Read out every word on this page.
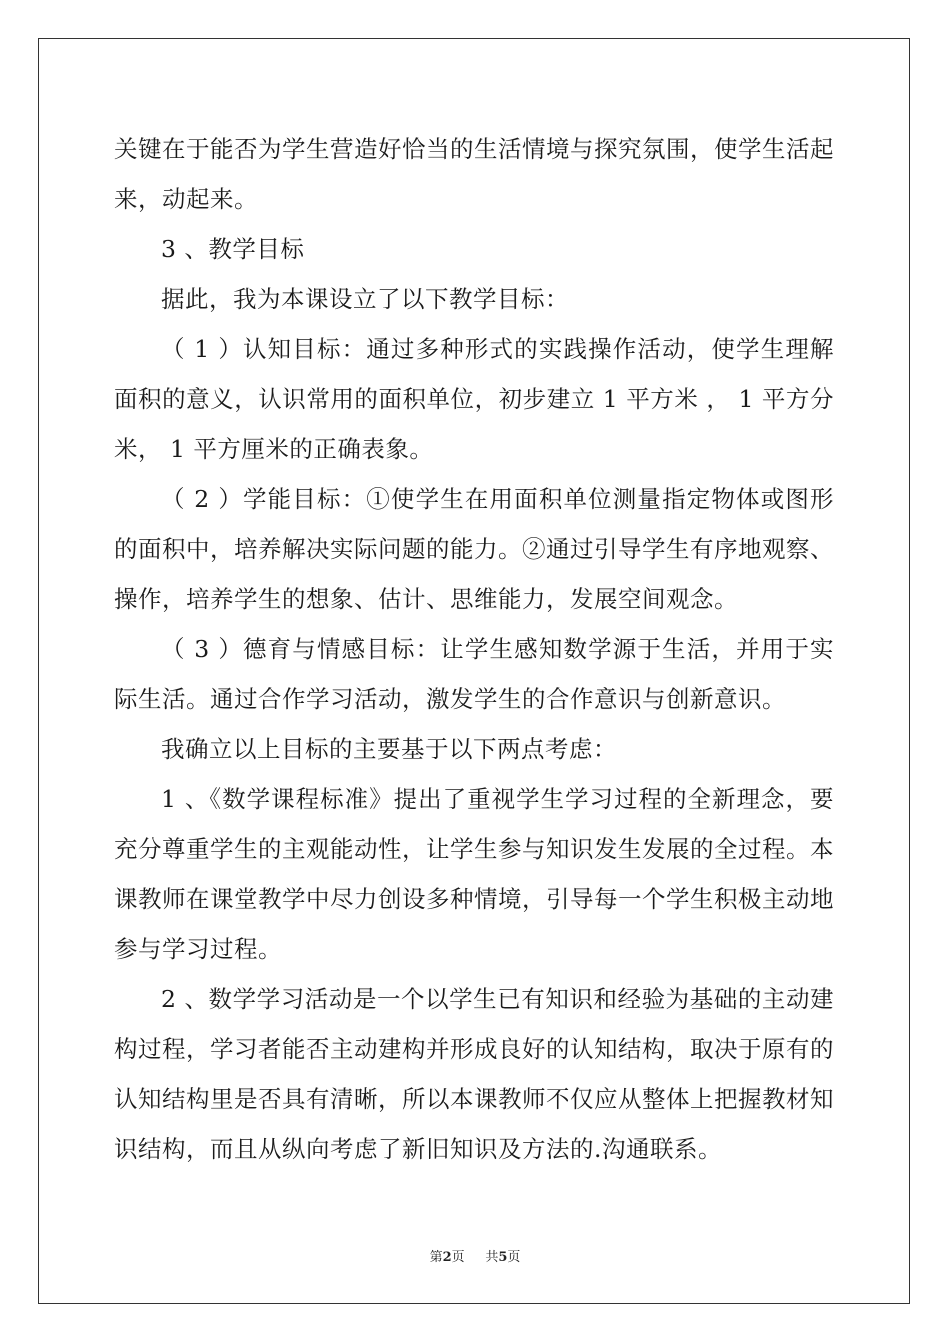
关键在于能否为学生营造好恰当的生活情境与探究氛围，使学生活起来，动起来。

3 、教学目标

据此，我为本课设立了以下教学目标：

（ 1 ）认知目标：通过多种形式的实践操作活动，使学生理解面积的意义，认识常用的面积单位，初步建立 1 平方米 ， 1 平方分米， 1 平方厘米的正确表象。

（ 2 ）学能目标：①使学生在用面积单位测量指定物体或图形的面积中，培养解决实际问题的能力。②通过引导学生有序地观察、操作，培养学生的想象、估计、思维能力，发展空间观念。

（ 3 ）德育与情感目标：让学生感知数学源于生活，并用于实际生活。通过合作学习活动，激发学生的合作意识与创新意识。

我确立以上目标的主要基于以下两点考虑：

1 、《数学课程标准》提出了重视学生学习过程的全新理念，要充分尊重学生的主观能动性，让学生参与知识发生发展的全过程。本课教师在课堂教学中尽力创设多种情境，引导每一个学生积极主动地参与学习过程。

2 、数学学习活动是一个以学生已有知识和经验为基础的主动建构过程，学习者能否主动建构并形成良好的认知结构，取决于原有的认知结构里是否具有清晰，所以本课教师不仅应从整体上把握教材知识结构，而且从纵向考虑了新旧知识及方法的.沟通联系。

第2页 共5页
